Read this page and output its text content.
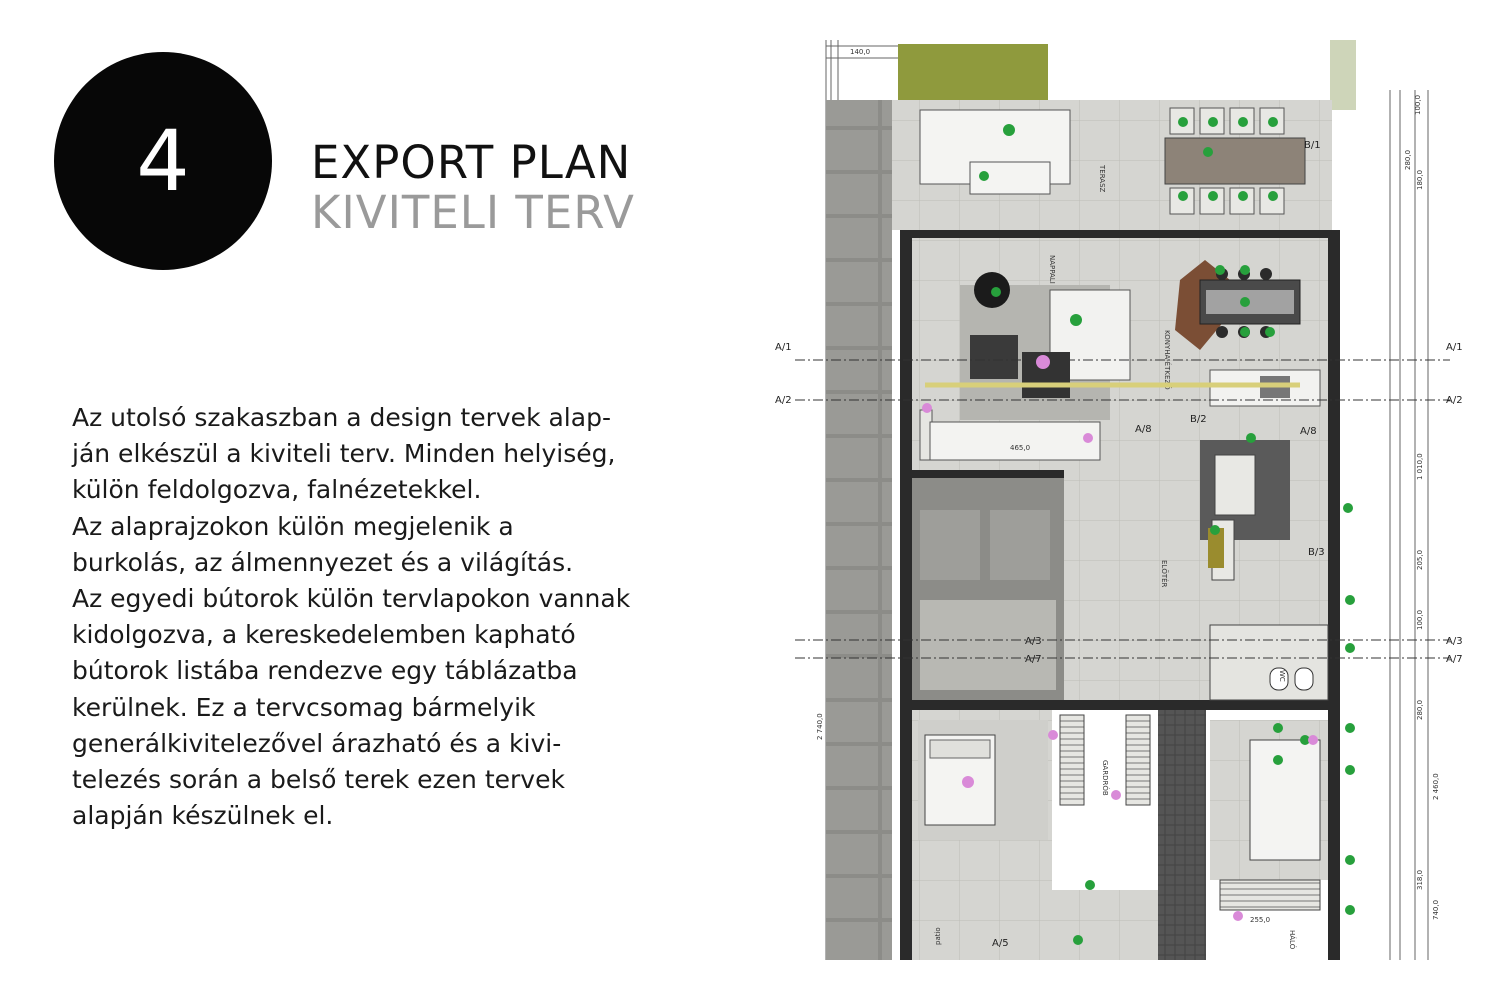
4	EXPORT PLAN
KIVITELI TERV

Az utolsó szakaszban a design tervek alap-
ján elkészül a kiviteli terv. Minden helyiség,
külön feldolgozva, falnézetekkel.
Az alaprajzokon külön megjelenik a
burkolás, az álmennyezet és a világítás.
Az egyedi bútorok külön tervlapokon vannak
kidolgozva, a kereskedelemben kapható
bútorok listába rendezve egy táblázatba
kerülnek. Ez a tervcsomag bármelyik
generálkivitelezővel árazható és a kivi-
telezés során a belső terek ezen tervek
alapján készülnek el.

140,0
TERASZ
NAPPALI
KONYHA-ÉTKEZŐ
ELŐTÉR
GARDRÓB
HÁLÓ
WC
patio
A/1	A/1
A/2	A/2
A/3	A/3
A/7	A/7
A/8	A/8
A/5
B/1
B/2
B/3
100,0
280,0
180,0
1 010,0
205,0
100,0
280,0
2 460,0
2 740,0
318,0
740,0
255,0
465,0
